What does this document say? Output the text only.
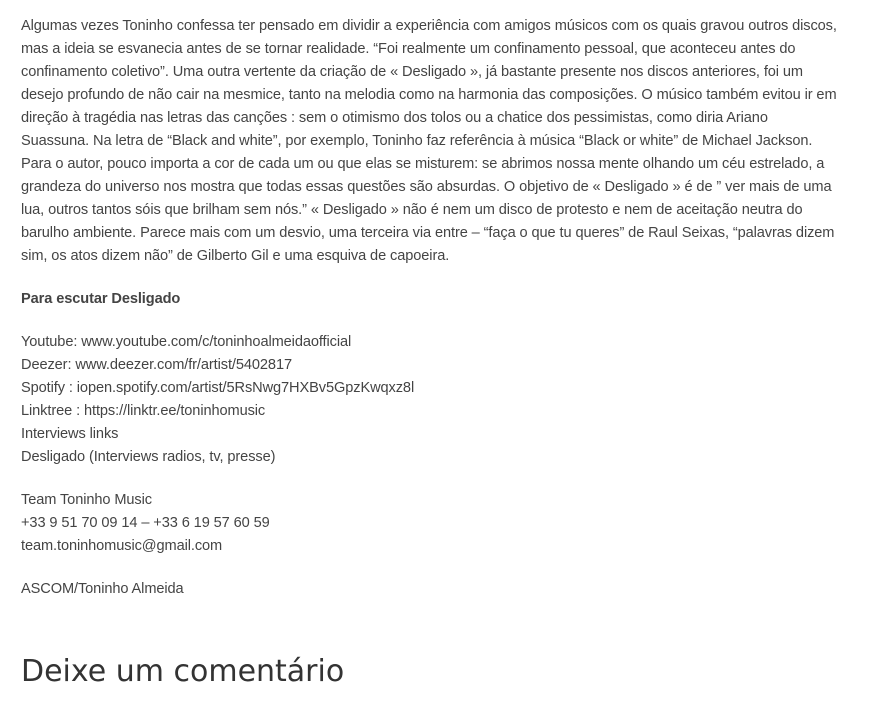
Algumas vezes Toninho confessa ter pensado em dividir a experiência com amigos músicos com os quais gravou outros discos, mas a ideia se esvanecia antes de se tornar realidade. “Foi realmente um confinamento pessoal, que aconteceu antes do confinamento coletivo”. Uma outra vertente da criação de « Desligado », já bastante presente nos discos anteriores, foi um desejo profundo de não cair na mesmice, tanto na melodia como na harmonia das composições. O músico também evitou ir em direção à tragédia nas letras das canções : sem o otimismo dos tolos ou a chatice dos pessimistas, como diria Ariano Suassuna. Na letra de “Black and white”, por exemplo, Toninho faz referência à música “Black or white” de Michael Jackson. Para o autor, pouco importa a cor de cada um ou que elas se misturem: se abrimos nossa mente olhando um céu estrelado, a grandeza do universo nos mostra que todas essas questões são absurdas. O objetivo de « Desligado » é de ” ver mais de uma lua, outros tantos sóis que brilham sem nós.” « Desligado » não é nem um disco de protesto e nem de aceitação neutra do barulho ambiente. Parece mais com um desvio, uma terceira via entre – “faça o que tu queres” de Raul Seixas, “palavras dizem sim, os atos dizem não” de Gilberto Gil e uma esquiva de capoeira.

Para escutar Desligado

Youtube: www.youtube.com/c/toninhoalmeidaofficial
Deezer: www.deezer.com/fr/artist/5402817
Spotify : iopen.spotify.com/artist/5RsNwg7HXBv5GpzKwqxz8l
Linktree : https://linktr.ee/toninhomusic
Interviews links
Desligado (Interviews radios, tv, presse)
Team Toninho Music
+33 9 51 70 09 14 – +33 6 19 57 60 59
team.toninhomusic@gmail.com

ASCOM/Toninho Almeida

Deixe um comentário
